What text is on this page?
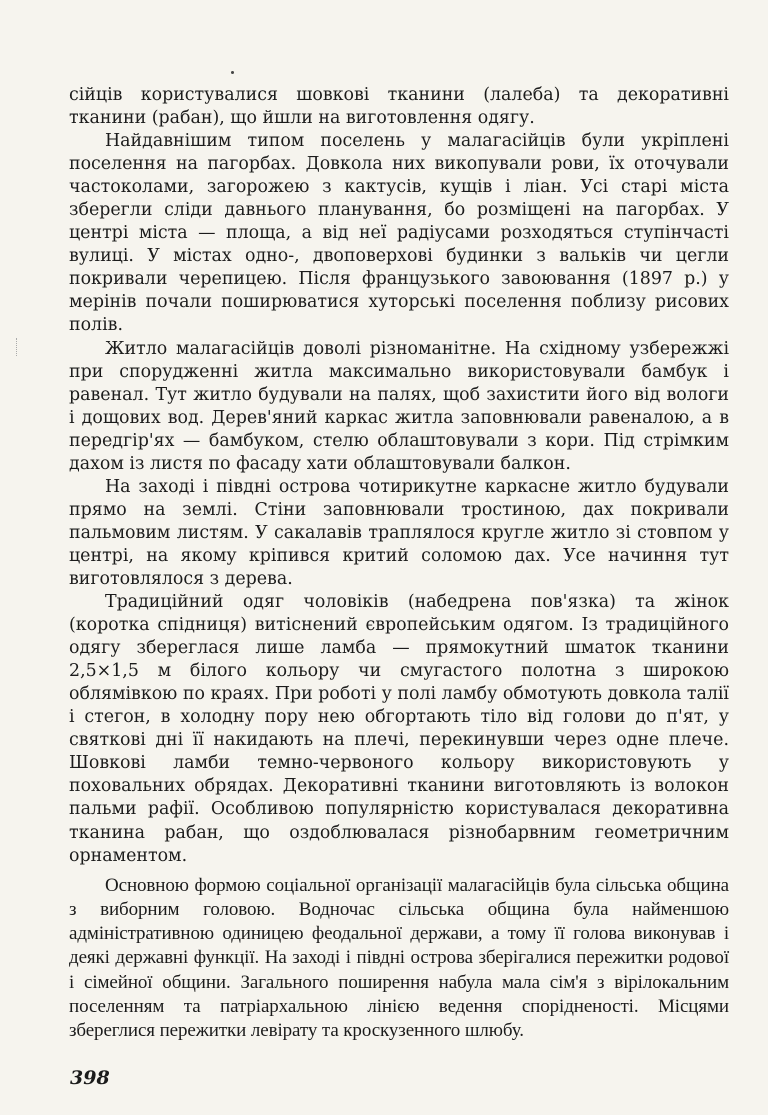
сійців користувалися шовкові тканини (лалеба) та декоративні тканини (рабан), що йшли на виготовлення одягу.

Найдавнішим типом поселень у малагасійців були укріплені поселення на пагорбах. Довкола них викопували рови, їх оточували частоколами, загорожею з кактусів, кущів і ліан. Усі старі міста зберегли сліди давнього планування, бо розміщені на пагорбах. У центрі міста — площа, а від неї радіусами розходяться ступінчасті вулиці. У містах одно-, двоповерхові будинки з вальків чи цегли покривали черепицею. Після французького завоювання (1897 р.) у мерінів почали поширюватися хуторські поселення поблизу рисових полів.

Житло малагасійців доволі різноманітне. На східному узбережжі при спорудженні житла максимально використовували бамбук і равенал. Тут житло будували на палях, щоб захистити його від вологи і дощових вод. Дерев'яний каркас житла заповнювали равеналою, а в передгір'ях — бамбуком, стелю облаштовували з кори. Під стрімким дахом із листя по фасаду хати облаштовували балкон.

На заході і півдні острова чотирикутне каркасне житло будували прямо на землі. Стіни заповнювали тростиною, дах покривали пальмовим листям. У сакалавів траплялося кругле житло зі стовпом у центрі, на якому кріпився критий соломою дах. Усе начиння тут виготовлялося з дерева.

Традиційний одяг чоловіків (набедрена пов'язка) та жінок (коротка спідниця) витіснений європейським одягом. Із традиційного одягу збереглася лише ламба — прямокутний шматок тканини 2,5×1,5 м білого кольору чи смугастого полотна з широкою облямівкою по краях. При роботі у полі ламбу обмотують довкола талії і стегон, в холодну пору нею обгортають тіло від голови до п'ят, у святкові дні її накидають на плечі, перекинувши через одне плече. Шовкові ламби темно-червоного кольору використовують у поховальних обрядах. Декоративні тканини виготовляють із волокон пальми рафії. Особливою популярністю користувалася декоративна тканина рабан, що оздоблювалася різнобарвним геометричним орнаментом.

Основною формою соціальної організації малагасійців була сільська община з виборним головою. Водночас сільська община була найменшою адміністративною одиницею феодальної держави, а тому її голова виконував і деякі державні функції. На заході і півдні острова зберігалися пережитки родової і сімейної общини. Загального поширення набула мала сім'я з вірілокальним поселенням та патріархальною лінією ведення спорідненості. Місцями збереглися пережитки левірату та кроскузенного шлюбу.

398
